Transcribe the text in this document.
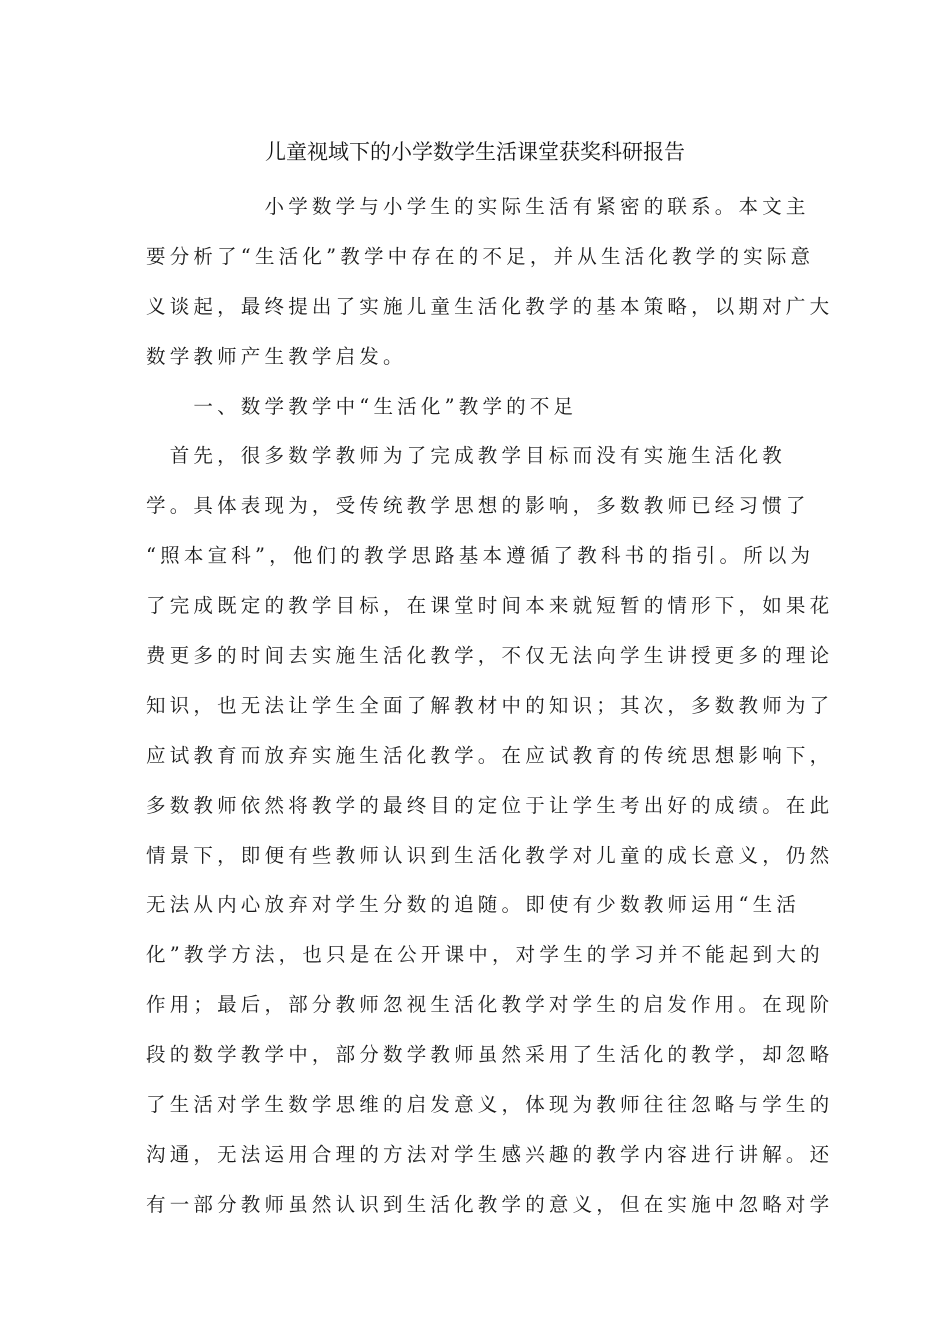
儿童视域下的小学数学生活课堂获奖科研报告
　　　　　小学数学与小学生的实际生活有紧密的联系。本文主
要分析了“生活化”教学中存在的不足，并从生活化教学的实际意
义谈起，最终提出了实施儿童生活化教学的基本策略，以期对广大
数学教师产生教学启发。
　　一、数学教学中“生活化”教学的不足
　首先，很多数学教师为了完成教学目标而没有实施生活化教
学。具体表现为，受传统教学思想的影响，多数教师已经习惯了
“照本宣科”，他们的教学思路基本遵循了教科书的指引。所以为
了完成既定的教学目标，在课堂时间本来就短暂的情形下，如果花
费更多的时间去实施生活化教学，不仅无法向学生讲授更多的理论
知识，也无法让学生全面了解教材中的知识；其次，多数教师为了
应试教育而放弃实施生活化教学。在应试教育的传统思想影响下，
多数教师依然将教学的最终目的定位于让学生考出好的成绩。在此
情景下，即便有些教师认识到生活化教学对儿童的成长意义，仍然
无法从内心放弃对学生分数的追随。即使有少数教师运用“生活
化”教学方法，也只是在公开课中，对学生的学习并不能起到大的
作用；最后，部分教师忽视生活化教学对学生的启发作用。在现阶
段的数学教学中，部分数学教师虽然采用了生活化的教学，却忽略
了生活对学生数学思维的启发意义，体现为教师往往忽略与学生的
沟通，无法运用合理的方法对学生感兴趣的教学内容进行讲解。还
有一部分教师虽然认识到生活化教学的意义，但在实施中忽略对学
